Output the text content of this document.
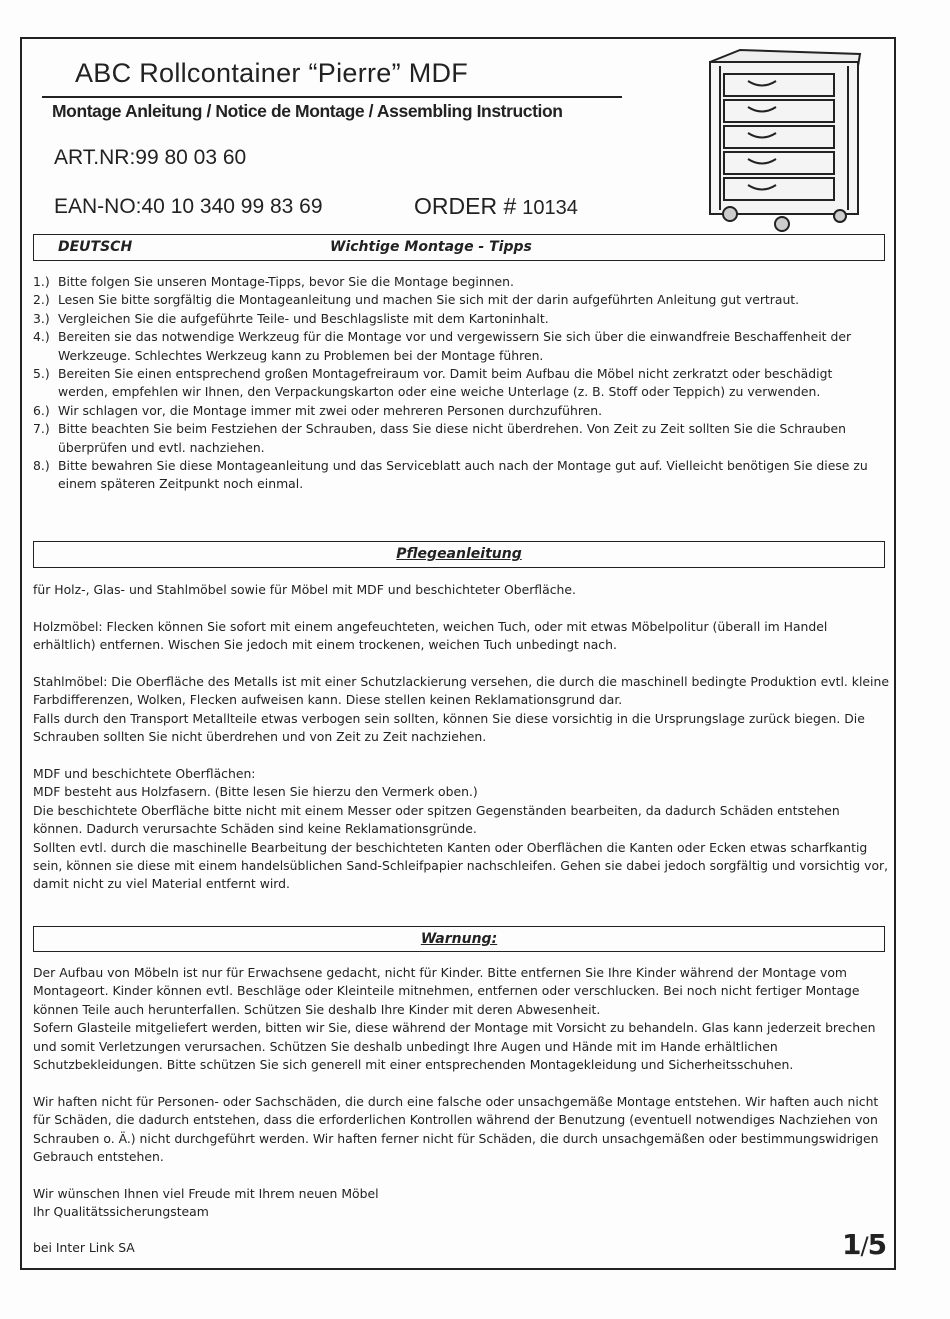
ABC Rollcontainer “Pierre” MDF
Montage Anleitung / Notice de Montage / Assembling Instruction
ART.NR:99 80 03 60
EAN-NO:40 10 340 99 83 69	ORDER # 10134
DEUTSCH	Wichtige Montage - Tipps
1.) Bitte folgen Sie unseren Montage-Tipps, bevor Sie die Montage beginnen.
2.) Lesen Sie bitte sorgfältig die Montageanleitung und machen Sie sich mit der darin aufgeführten Anleitung gut vertraut.
3.) Vergleichen Sie die aufgeführte Teile- und Beschlagsliste mit dem Kartoninhalt.
4.) Bereiten sie das notwendige Werkzeug für die Montage vor und vergewissern Sie sich über die einwandfreie Beschaffenheit der Werkzeuge. Schlechtes Werkzeug kann zu Problemen bei der Montage führen.
5.) Bereiten Sie einen entsprechend großen Montagefreiraum vor. Damit beim Aufbau die Möbel nicht zerkratzt oder beschädigt werden, empfehlen wir Ihnen, den Verpackungskarton oder eine weiche Unterlage (z. B. Stoff oder Teppich) zu verwenden.
6.) Wir schlagen vor, die Montage immer mit zwei oder mehreren Personen durchzuführen.
7.) Bitte beachten Sie beim Festziehen der Schrauben, dass Sie diese nicht überdrehen. Von Zeit zu Zeit sollten Sie die Schrauben überprüfen und evtl. nachziehen.
8.) Bitte bewahren Sie diese Montageanleitung und das Serviceblatt auch nach der Montage gut auf. Vielleicht benötigen Sie diese zu einem späteren Zeitpunkt noch einmal.
Pflegeanleitung

für Holz-, Glas- und Stahlmöbel sowie für Möbel mit MDF und beschichteter Oberfläche.

Holzmöbel: Flecken können Sie sofort mit einem angefeuchteten, weichen Tuch, oder mit etwas Möbelpolitur (überall im Handel erhältlich) entfernen. Wischen Sie jedoch mit einem trockenen, weichen Tuch unbedingt nach.

Stahlmöbel: Die Oberfläche des Metalls ist mit einer Schutzlackierung versehen, die durch die maschinell bedingte Produktion evtl. kleine Farbdifferenzen, Wolken, Flecken aufweisen kann. Diese stellen keinen Reklamationsgrund dar.

Falls durch den Transport Metallteile etwas verbogen sein sollten, können Sie diese vorsichtig in die Ursprungslage zurück biegen. Die Schrauben sollten Sie nicht überdrehen und von Zeit zu Zeit nachziehen.

MDF und beschichtete Oberflächen:

MDF besteht aus Holzfasern. (Bitte lesen Sie hierzu den Vermerk oben.)

Die beschichtete Oberfläche bitte nicht mit einem Messer oder spitzen Gegenständen bearbeiten, da dadurch Schäden entstehen können. Dadurch verursachte Schäden sind keine Reklamationsgründe.

Sollten evtl. durch die maschinelle Bearbeitung der beschichteten Kanten oder Oberflächen die Kanten oder Ecken etwas scharfkantig sein, können sie diese mit einem handelsüblichen Sand-Schleifpapier nachschleifen. Gehen sie dabei jedoch sorgfältig und vorsichtig vor, damit nicht zu viel Material entfernt wird.

Warnung:

Der Aufbau von Möbeln ist nur für Erwachsene gedacht, nicht für Kinder. Bitte entfernen Sie Ihre Kinder während der Montage vom Montageort. Kinder können evtl. Beschläge oder Kleinteile mitnehmen, entfernen oder verschlucken. Bei noch nicht fertiger Montage können Teile auch herunterfallen. Schützen Sie deshalb Ihre Kinder mit deren Abwesenheit.

Sofern Glasteile mitgeliefert werden, bitten wir Sie, diese während der Montage mit Vorsicht zu behandeln. Glas kann jederzeit brechen und somit Verletzungen verursachen. Schützen Sie deshalb unbedingt Ihre Augen und Hände mit im Hande erhältlichen Schutzbekleidungen. Bitte schützen Sie sich generell mit einer entsprechenden Montagekleidung und Sicherheitsschuhen.

Wir haften nicht für Personen- oder Sachschäden, die durch eine falsche oder unsachgemäße Montage entstehen. Wir haften auch nicht für Schäden, die dadurch entstehen, dass die erforderlichen Kontrollen während der Benutzung (eventuell notwendiges Nachziehen von Schrauben o. Ä.) nicht durchgeführt werden. Wir haften ferner nicht für Schäden, die durch unsachgemäßen oder bestimmungswidrigen Gebrauch entstehen.

Wir wünschen Ihnen viel Freude mit Ihrem neuen Möbel

Ihr Qualitätssicherungsteam

bei Inter Link SA	1/5
